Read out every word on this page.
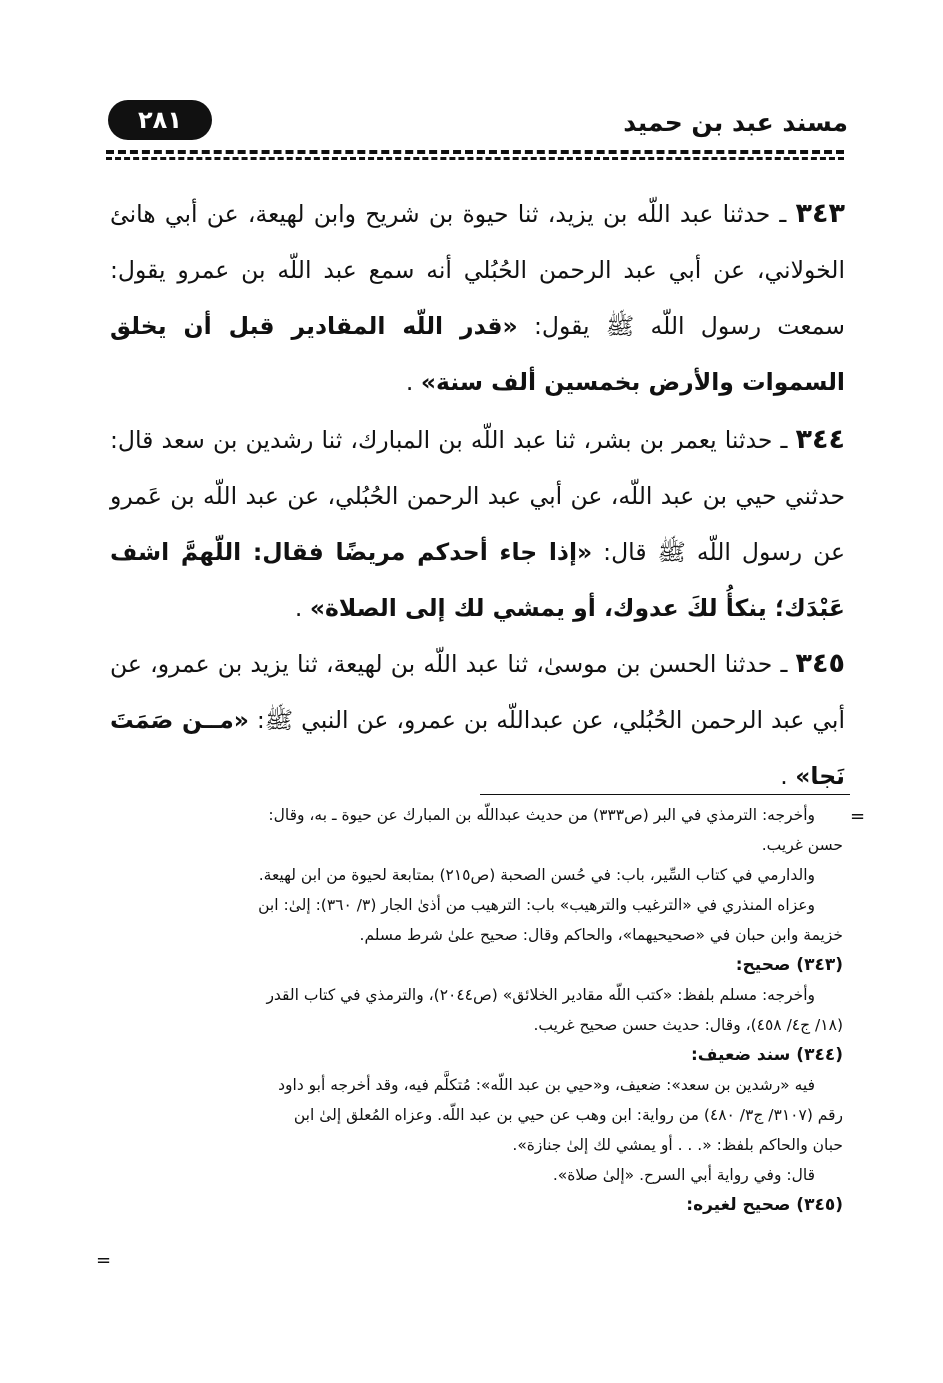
٢٨١	مسند عبد بن حميد
٣٤٣ ـ حدثنا عبد اللّه بن يزيد، ثنا حيوة بن شريح وابن لهيعة، عن أبي هانئ الخولاني، عن أبي عبد الرحمن الحُبُلي أنه سمع عبد اللّه بن عمرو يقول: سمعت رسول اللّه ﷺ يقول: «قدر اللّه المقادير قبل أن يخلق السموات والأرض بخمسين ألف سنة» .
٣٤٤ ـ حدثنا يعمر بن بشر، ثنا عبد اللّه بن المبارك، ثنا رشدين بن سعد قال: حدثني حيي بن عبد اللّه، عن أبي عبد الرحمن الحُبُلي، عن عبد اللّه بن عَمرو عن رسول اللّه ﷺ قال: «إذا جاء أحدكم مريضًا فقال: اللّهمَّ اشف عَبْدَك؛ ينكأُ لكَ عدوك، أو يمشي لك إلى الصلاة» .
٣٤٥ ـ حدثنا الحسن بن موسىٰ، ثنا عبد اللّه بن لهيعة، ثنا يزيد بن عمرو، عن أبي عبد الرحمن الحُبُلي، عن عبداللّه بن عمرو، عن النبي ﷺ: «مــن صَمَتَ نَجا» .
=
وأخرجه: الترمذي في البر (ص٣٣٣) من حديث عبداللّه بن المبارك عن حيوة ـ به، وقال:
حسن غريب.
والدارمي في كتاب السِّير، باب: في حُسن الصحبة (ص٢١٥) بمتابعة لحيوة من ابن لهيعة.
وعزاه المنذري في «الترغيب والترهيب» باب: الترهيب من أذىٰ الجار (٣/ ٣٦٠): إلىٰ: ابن
خزيمة وابن حبان في «صحيحيهما»، والحاكم وقال: صحيح علىٰ شرط مسلم.
(٣٤٣) صحيح:
وأخرجه: مسلم بلفظ: «كتب اللّه مقادير الخلائق» (ص٢٠٤٤)، والترمذي في كتاب القدر
(١٨/ ج٤/ ٤٥٨)، وقال: حديث حسن صحيح غريب.
(٣٤٤) سند ضعيف:
فيه «رشدين بن سعد»: ضعيف، و«حيي بن عبد اللّه»: مُتكلَّم فيه، وقد أخرجه أبو داود
رقم (٣١٠٧/ ج٣/ ٤٨٠) من رواية: ابن وهب عن حيي بن عبد اللّه. وعزاه المُعلق إلىٰ ابن
حبان والحاكم بلفظ: «. . . أو يمشي لك إلىٰ جنازة».
قال: وفي رواية أبي السرح. «إلىٰ صلاة».
(٣٤٥) صحيح لغيره:
=
